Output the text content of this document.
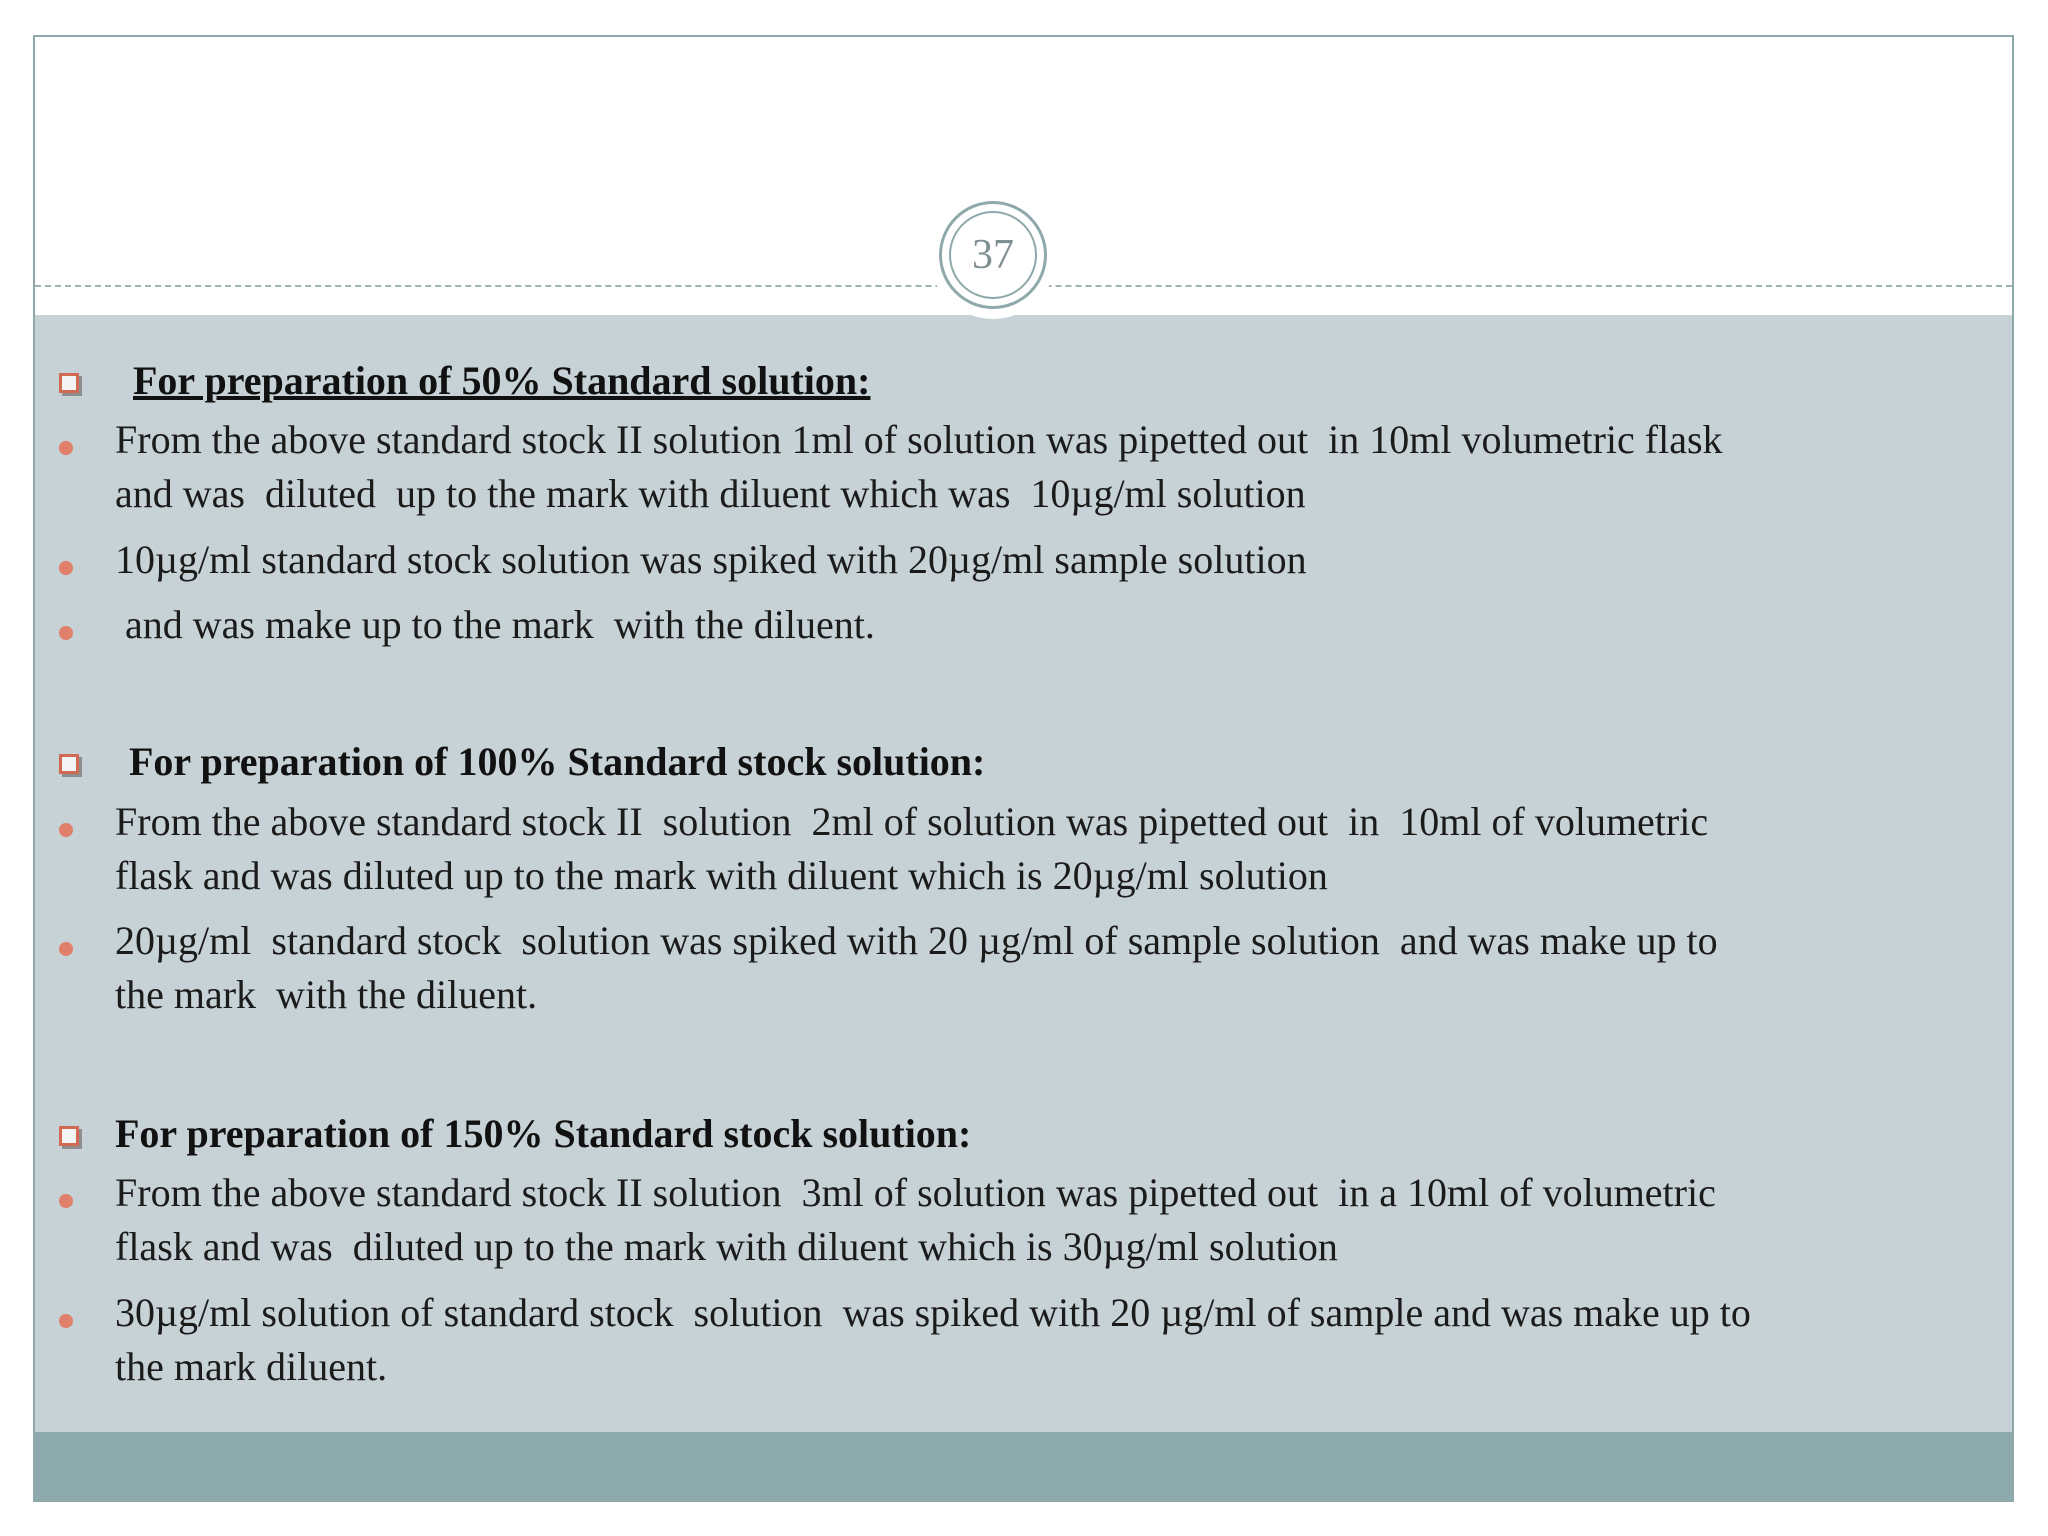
For preparation of 50% Standard solution:
From the above standard stock II solution 1ml of solution was pipetted out  in 10ml volumetric flask
and was  diluted  up to the mark with diluent which was  10µg/ml solution
10µg/ml standard stock solution was spiked with 20µg/ml sample solution
and was make up to the mark  with the diluent.
For preparation of 100% Standard stock solution:
From the above standard stock II  solution  2ml of solution was pipetted out  in  10ml of volumetric
flask and was diluted up to the mark with diluent which is 20µg/ml solution
20µg/ml  standard stock  solution was spiked with 20 µg/ml of sample solution  and was make up to
the mark  with the diluent.
For preparation of 150% Standard stock solution:
From the above standard stock II solution  3ml of solution was pipetted out  in a 10ml of volumetric
flask and was  diluted up to the mark with diluent which is 30µg/ml solution
30µg/ml solution of standard stock  solution  was spiked with 20 µg/ml of sample and was make up to
the mark diluent.
37
